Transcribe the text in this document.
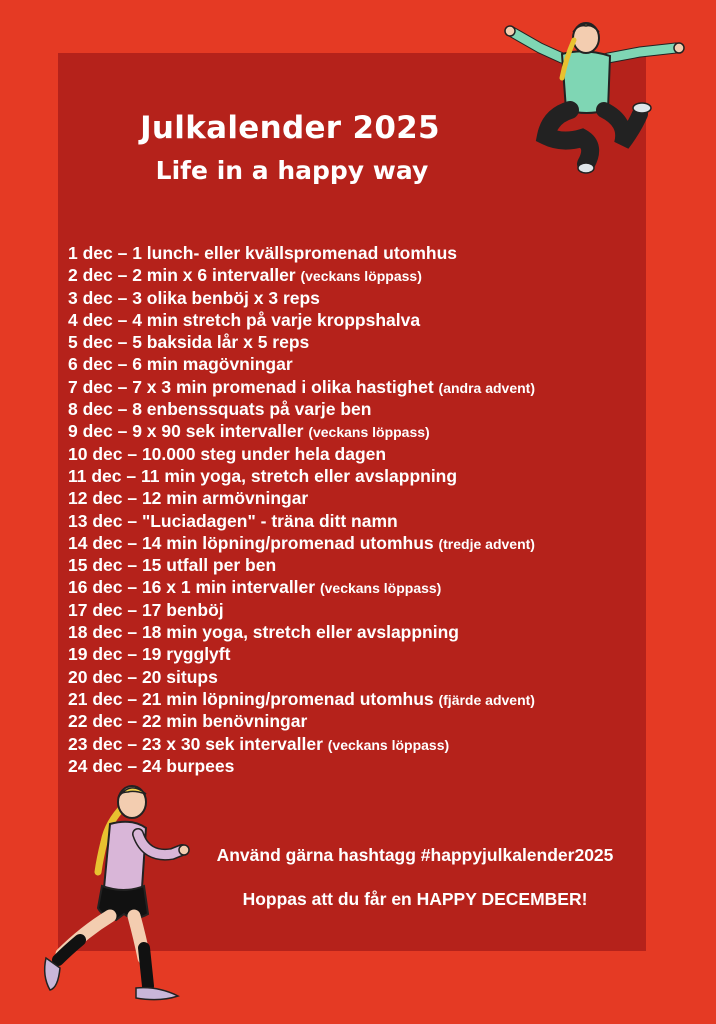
Julkalender 2025
Life in a happy way
1 dec – 1 lunch- eller kvällspromenad utomhus
2 dec – 2 min x 6 intervaller (veckans löppass)
3 dec – 3 olika benböj x 3 reps
4 dec – 4 min stretch på varje kroppshalva
5 dec – 5 baksida lår x 5 reps
6 dec – 6 min magövningar
7 dec – 7 x 3 min promenad i olika hastighet (andra advent)
8 dec – 8 enbenssquats på varje ben
9 dec – 9 x 90 sek intervaller (veckans löppass)
10 dec – 10.000 steg under hela dagen
11 dec – 11 min yoga, stretch eller avslappning
12 dec – 12 min armövningar
13 dec – "Luciadagen" - träna ditt namn
14 dec – 14 min löpning/promenad utomhus (tredje advent)
15 dec – 15 utfall per ben
16 dec – 16 x 1 min intervaller (veckans löppass)
17 dec – 17 benböj
18 dec – 18 min yoga, stretch eller avslappning
19 dec – 19 rygglyft
20 dec – 20 situps
21 dec – 21 min löpning/promenad utomhus (fjärde advent)
22 dec – 22 min benövningar
23 dec – 23 x 30 sek intervaller (veckans löppass)
24 dec – 24 burpees
Använd gärna hashtagg #happyjulkalender2025
Hoppas att du får en HAPPY DECEMBER!
